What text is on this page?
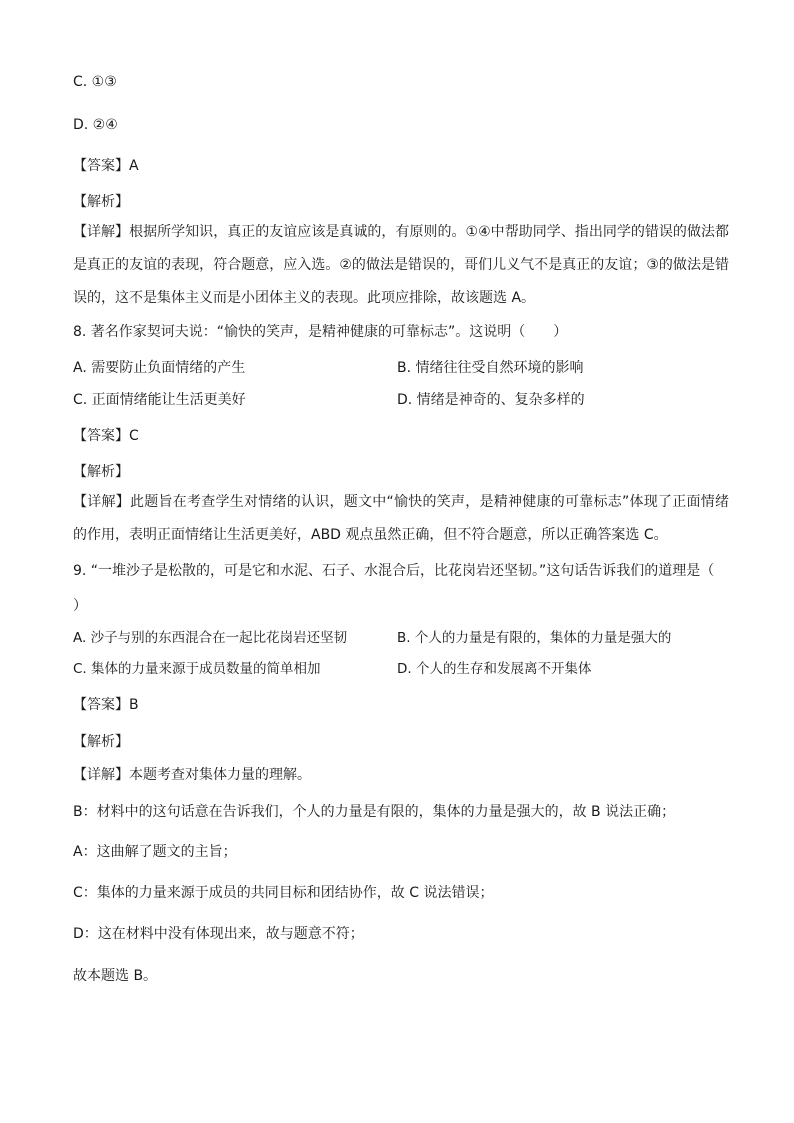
C. ①③
D. ②④
【答案】A
【解析】
【详解】根据所学知识，真正的友谊应该是真诚的，有原则的。①④中帮助同学、指出同学的错误的做法都是真正的友谊的表现，符合题意，应入选。②的做法是错误的，哥们儿义气不是真正的友谊；③的做法是错误的，这不是集体主义而是小团体主义的表现。此项应排除，故该题选 A。
8. 著名作家契诃夫说：“愉快的笑声，是精神健康的可靠标志”。这说明（　　）
A. 需要防止负面情绪的产生	B. 情绪往往受自然环境的影响
C. 正面情绪能让生活更美好	D. 情绪是神奇的、复杂多样的
【答案】C
【解析】
【详解】此题旨在考查学生对情绪的认识，题文中“愉快的笑声，是精神健康的可靠标志”体现了正面情绪的作用，表明正面情绪让生活更美好，ABD 观点虽然正确，但不符合题意，所以正确答案选 C。
9. “一堆沙子是松散的，可是它和水泥、石子、水混合后，比花岗岩还坚韧。”这句话告诉我们的道理是（
）
A. 沙子与别的东西混合在一起比花岗岩还坚韧	B. 个人的力量是有限的，集体的力量是强大的
C. 集体的力量来源于成员数量的简单相加	D. 个人的生存和发展离不开集体
【答案】B
【解析】
【详解】本题考查对集体力量的理解。
B：材料中的这句话意在告诉我们，个人的力量是有限的，集体的力量是强大的，故 B 说法正确；
A：这曲解了题文的主旨；
C：集体的力量来源于成员的共同目标和团结协作，故 C 说法错误；
D：这在材料中没有体现出来，故与题意不符；
故本题选 B。
